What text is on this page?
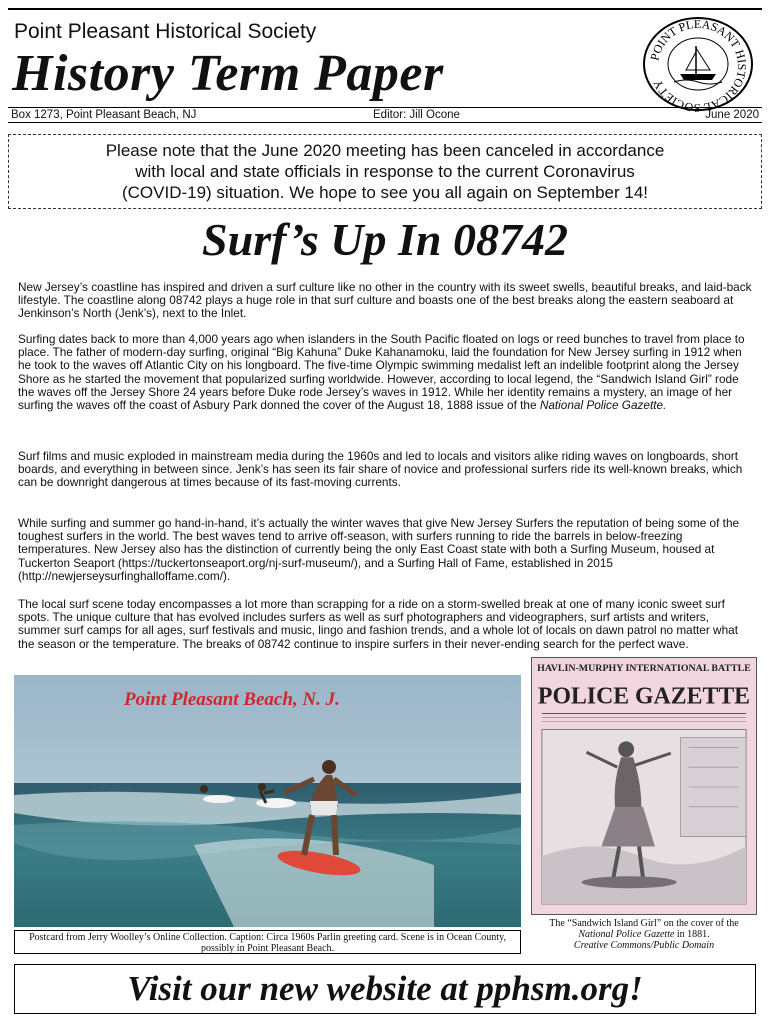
Point Pleasant Historical Society
History Term Paper	POINT PLEASANT HISTORICAL SOCIETY
Box 1273, Point Pleasant Beach, NJ	Editor: Jill Ocone	June 2020
Please note that the June 2020 meeting has been canceled in accordance
with local and state officials in response to the current Coronavirus
(COVID-19) situation. We hope to see you all again on September 14!
Surf’s Up In 08742
New Jersey’s coastline has inspired and driven a surf culture like no other in the country with its sweet swells, beautiful breaks, and laid-back lifestyle. The coastline along 08742 plays a huge role in that surf culture and boasts one of the best breaks along the eastern seaboard at Jenkinson’s North (Jenk’s), next to the Inlet.
Surfing dates back to more than 4,000 years ago when islanders in the South Pacific floated on logs or reed bunches to travel from place to place. The father of modern-day surfing, original “Big Kahuna” Duke Kahanamoku, laid the foundation for New Jersey surfing in 1912 when he took to the waves off Atlantic City on his longboard. The five-time Olympic swimming medalist left an indelible footprint along the Jersey Shore as he started the movement that popularized surfing worldwide. However, according to local legend, the “Sandwich Island Girl” rode the waves off the Jersey Shore 24 years before Duke rode Jersey’s waves in 1912. While her identity remains a mystery, an image of her surfing the waves off the coast of Asbury Park donned the cover of the August 18, 1888 issue of the National Police Gazette.
Surf films and music exploded in mainstream media during the 1960s and led to locals and visitors alike riding waves on longboards, short boards, and everything in between since. Jenk’s has seen its fair share of novice and professional surfers ride its well-known breaks, which can be downright dangerous at times because of its fast-moving currents.
While surfing and summer go hand-in-hand, it’s actually the winter waves that give New Jersey Surfers the reputation of being some of the toughest surfers in the world. The best waves tend to arrive off-season, with surfers running to ride the barrels in below-freezing temperatures. New Jersey also has the distinction of currently being the only East Coast state with both a Surfing Museum, housed at Tuckerton Seaport (https://tuckertonseaport.org/nj-surf-museum/), and a Surfing Hall of Fame, established in 2015 (http://newjerseysurfinghalloffame.com/).
The local surf scene today encompasses a lot more than scrapping for a ride on a storm-swelled break at one of many iconic sweet surf spots. The unique culture that has evolved includes surfers as well as surf photographers and videographers, surf artists and writers, summer surf camps for all ages, surf festivals and music, lingo and fashion trends, and a whole lot of locals on dawn patrol no matter what the season or the temperature. The breaks of 08742 continue to inspire surfers in their never-ending search for the perfect wave.
Point Pleasant Beach, N. J.
Postcard from Jerry Woolley’s Online Collection. Caption: Circa 1960s Parlin greeting card. Scene is in Ocean County, possibly in Point Pleasant Beach.
HAVLIN-MURPHY INTERNATIONAL BATTLE
POLICE GAZETTE
The “Sandwich Island Girl” on the cover of the National Police Gazette in 1881.
Creative Commons/Public Domain
Visit our new website at pphsm.org!
